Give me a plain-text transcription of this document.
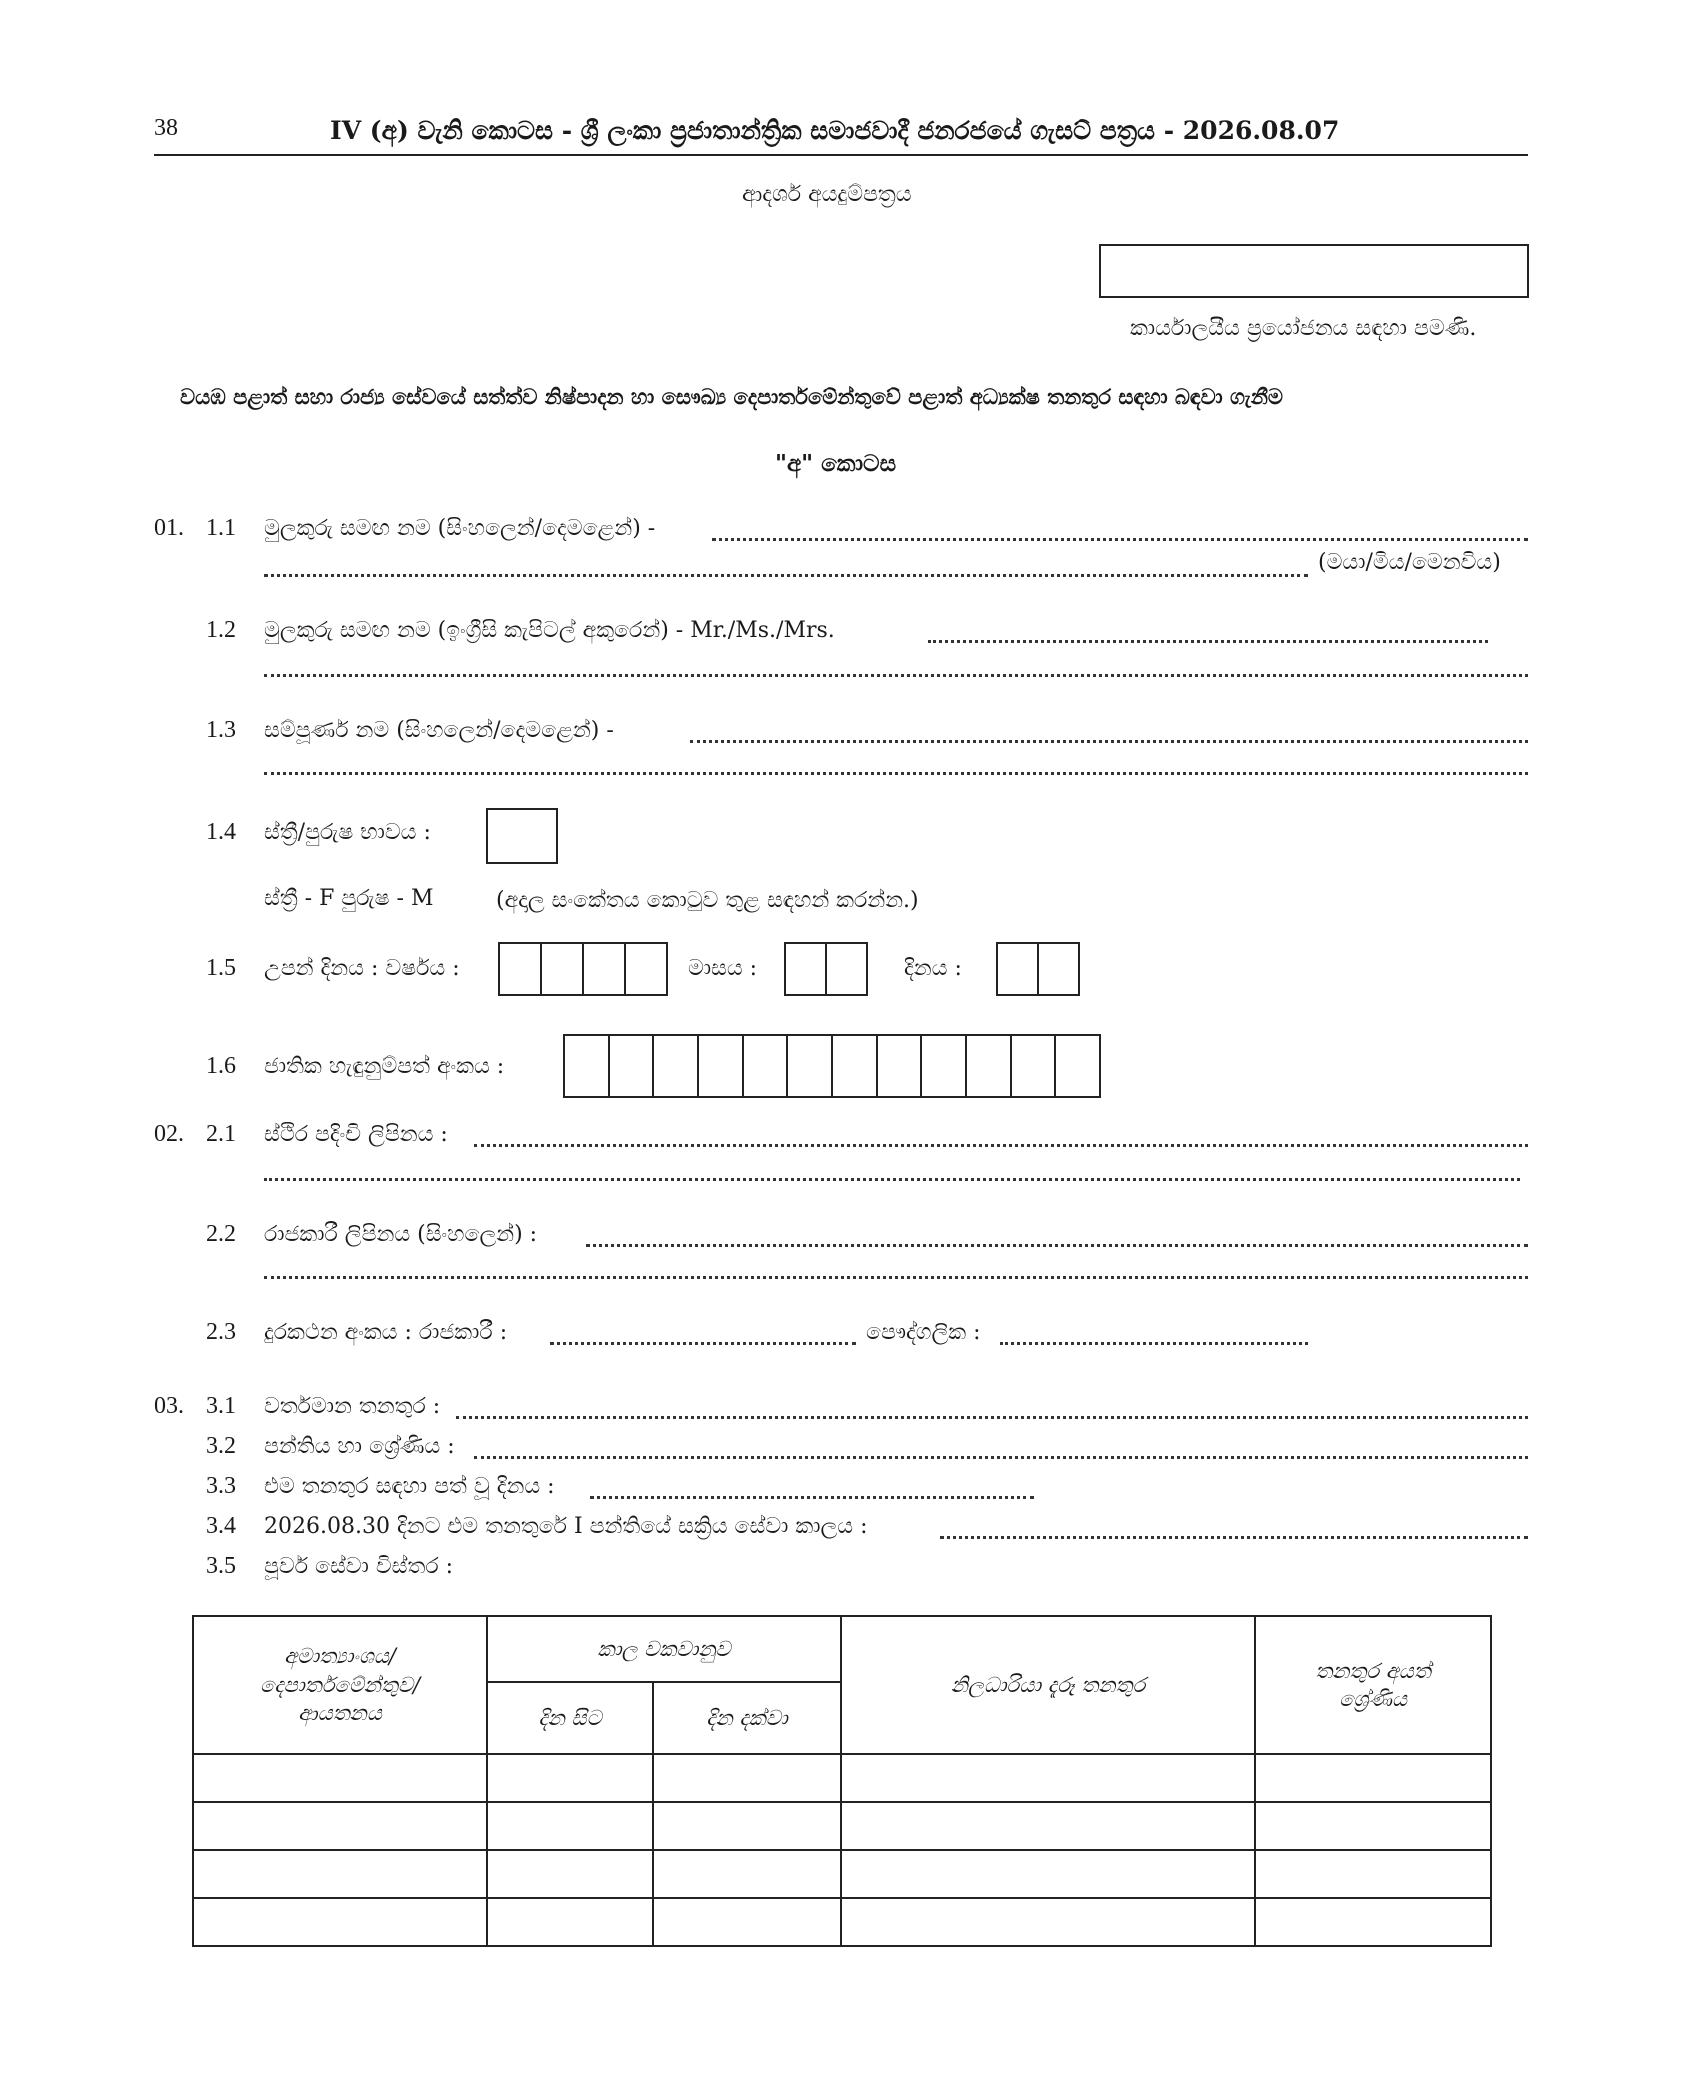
38	IV (අ) වැනි කොටස - ශ්‍රී ලංකා ප්‍රජාතාන්ත්‍රික සමාජවාදී ජනරජයේ ගැසට් පත්‍රය - 2026.08.07
ආදර්ශ අයදුම්පත්‍රය
කාර්යාලයීය ප්‍රයෝජනය සඳහා පමණි.
වයඹ පළාත් සහා රාජ්‍ය සේවයේ සත්ත්ව නිෂ්පාදන හා සෞඛ්‍ය දෙපාර්තමේන්තුවේ පළාත් අධ්‍යක්ෂ තනතුර සඳහා බඳවා ගැනීම
"අ" කොටස
01. 1.1 මුලකුරු සමඟ නම (සිංහලෙන්/දෙමළෙන්) -
(මයා/මිය/මෙනවිය)
1.2 මුලකුරු සමඟ නම (ඉංග්‍රීසි කැපිටල් අකුරෙන්) - Mr./Ms./Mrs.
1.3 සම්පූර්ණ නම (සිංහලෙන්/දෙමළෙන්) -
1.4 ස්ත්‍රී/පුරුෂ භාවය :
ස්ත්‍රී - F පුරුෂ - M	(අදාල සංකේතය කොටුව තුළ සඳහන් කරන්න.)
1.5 උපන් දිනය : වර්ෂය :	මාසය :	දිනය :
1.6 ජාතික හැඳුනුම්පත් අංකය :
02. 2.1 ස්ථිර පදිංචි ලිපිනය :
2.2 රාජකාරී ලිපිනය (සිංහලෙන්) :
2.3 දුරකථන අංකය : රාජකාරී :	පෞද්ගලික :
03. 3.1 වර්තමාන තනතුර :
3.2 පන්තිය හා ශ්‍රේණිය :
3.3 එම තනතුර සඳහා පත් වූ දිනය :
3.4 2026.08.30 දිනට එම තනතුරේ I පන්තියේ සක්‍රිය සේවා කාලය :
3.5 පූර්ව සේවා විස්තර :
අමාත්‍යාංශය/ දෙපාර්තමේන්තුව/ ආයතනය	කාල වකවානුව		නිලධාරියා දැරූ තනතුර	තනතුර අයත් ශ්‍රේණිය
	දින සිට	දින දක්වා		
